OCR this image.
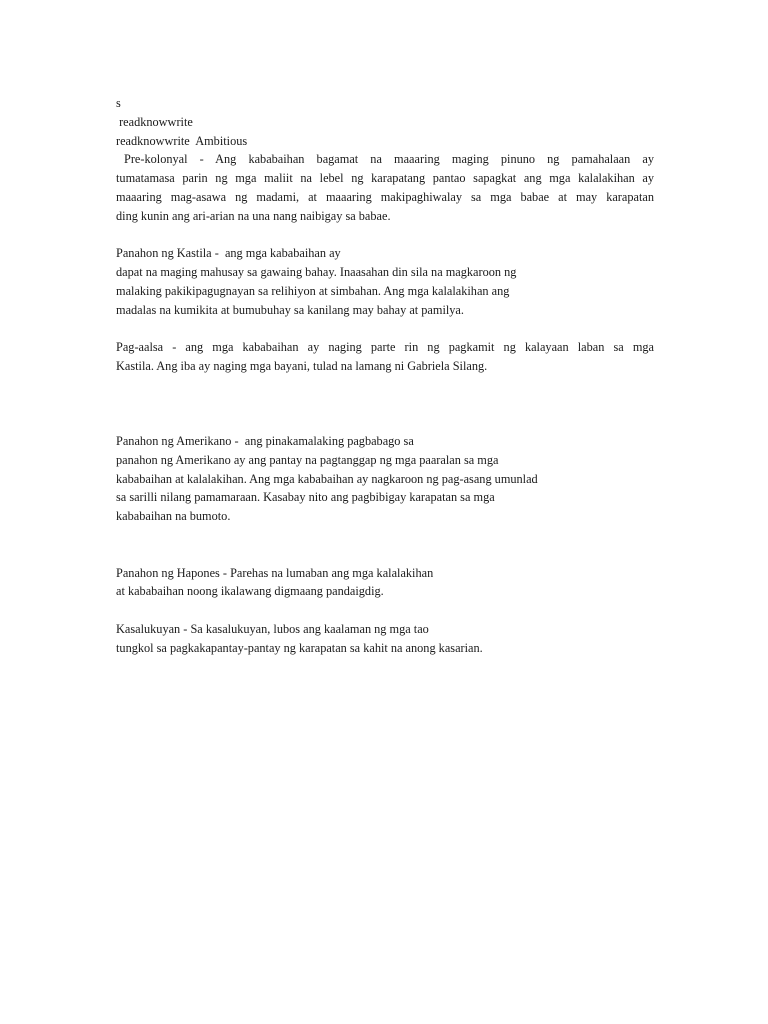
s
readknowwrite
readknowwrite  Ambitious
Pre-kolonyal - Ang kababaihan bagamat na maaaring maging pinuno ng pamahalaan ay
tumatamasa parin ng mga maliit na lebel ng karapatang pantao sapagkat ang mga kalalakihan ay
maaaring mag-asawa ng madami, at maaaring makipaghiwalay sa mga babae at may karapatan
ding kunin ang ari-arian na una nang naibigay sa babae.
Panahon ng Kastila -  ang mga kababaihan ay
dapat na maging mahusay sa gawaing bahay. Inaasahan din sila na magkaroon ng
malaking pakikipagugnayan sa relihiyon at simbahan. Ang mga kalalakihan ang
madalas na kumikita at bumubuhay sa kanilang may bahay at pamilya.
Pag-aalsa - ang mga kababaihan ay naging parte rin ng pagkamit ng kalayaan laban sa mga
Kastila. Ang iba ay naging mga bayani, tulad na lamang ni Gabriela Silang.
Panahon ng Amerikano -  ang pinakamalaking pagbabago sa
panahon ng Amerikano ay ang pantay na pagtanggap ng mga paaralan sa mga
kababaihan at kalalakihan. Ang mga kababaihan ay nagkaroon ng pag-asang umunlad
sa sarilli nilang pamamaraan. Kasabay nito ang pagbibigay karapatan sa mga
kababaihan na bumoto.
Panahon ng Hapones - Parehas na lumaban ang mga kalalakihan
at kababaihan noong ikalawang digmaang pandaigdig.
Kasalukuyan - Sa kasalukuyan, lubos ang kaalaman ng mga tao
tungkol sa pagkakapantay-pantay ng karapatan sa kahit na anong kasarian.
